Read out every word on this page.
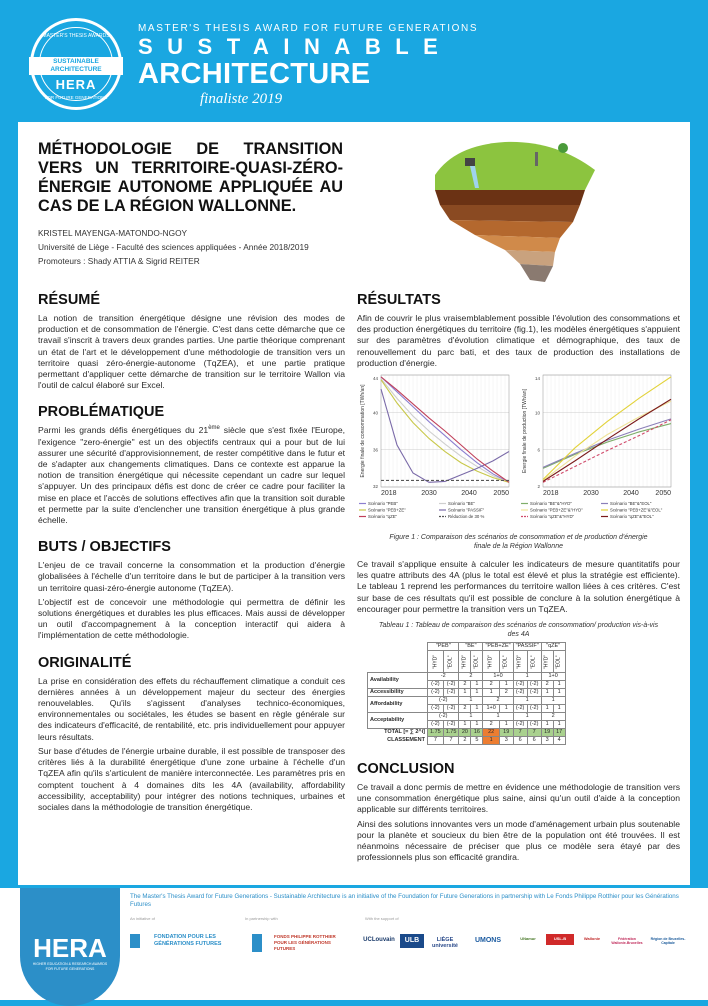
MASTER'S THESIS AWARDS
SUSTAINABLE
ARCHITECTURE
HERA
FOR FUTURE GENERATIONS
MASTER'S THESIS AWARD FOR FUTURE GENERATIONS
SUSTAINABLE
ARCHITECTURE
finaliste 2019
MÉTHODOLOGIE DE TRANSITION VERS UN TERRITOIRE-QUASI-ZÉRO-ÉNERGIE AUTONOME APPLIQUÉE AU CAS DE LA RÉGION WALLONNE.
KRISTEL MAYENGA-MATONDO-NGOY
Université de Liège - Faculté des sciences appliquées - Année 2018/2019
Promoteurs : Shady ATTIA & Sigrid REITER
RÉSUMÉ

La notion de transition énergétique désigne une révision des modes de production et de consommation de l'énergie. C'est dans cette démarche que ce travail s'inscrit à travers deux grandes parties. Une partie théorique comprenant un état de l'art et le développement d'une méthodologie de transition vers un territoire quasi zéro-énergie-autonome (TqZEA), et une partie pratique permettant d'appliquer cette démarche de transition sur le territoire Wallon via l'outil de calcul élaboré sur Excel.

PROBLÉMATIQUE

Parmi les grands défis énergétiques du 21ème siècle que s'est fixée l'Europe, l'exigence "zero-énergie" est un des objectifs centraux qui a pour but de lui assurer une sécurité d'approvisionnement, de rester compétitive dans le futur et de s'adapter aux changements climatiques. Dans ce contexte est apparue la notion de transition énergétique qui nécessite cependant un cadre sur lequel s'appuyer. Un des principaux défis est donc de créer ce cadre pour faciliter la mise en place et l'accès de solutions effectives afin que la transition soit durable et permette par la suite d'enclencher une transition énergétique à plus grande échelle.

BUTS / OBJECTIFS

L'enjeu de ce travail concerne la consommation et la production d'énergie globalisées à l'échelle d'un territoire dans le but de participer à la transition vers un territoire quasi-zéro-énergie autonome (TqZEA).

L'objectif est de concevoir une méthodologie qui permettra de définir les solutions énergétiques et durables les plus efficaces. Mais aussi de développer un outil d'accompagnement à la conception interactif qui aidera à l'implémentation de cette méthodologie.

ORIGINALITÉ

La prise en considération des effets du réchauffement climatique a conduit ces dernières années à un développement majeur du secteur des énergies renouvelables. Qu'ils s'agissent d'analyses technico-économiques, environnementales ou sociétales, les études se basent en règle générale sur des indicateurs d'efficacité, de rentabilité, etc. pris individuellement pour appuyer leurs résultats.

Sur base d'études de l'énergie urbaine durable, il est possible de transposer des critères liés à la durabilité énergétique d'une zone urbaine à l'échelle d'un TqZEA afin qu'ils s'articulent de manière interconnectée. Les paramètres pris en comptent touchent à 4 domaines dits les 4A (availability, affordability accessibility, acceptability) pour intégrer des notions techniques, urbaines et sociales dans la méthodologie de transition énergétique.

RÉSULTATS

Afin de couvrir le plus vraisemblablement possible l'évolution des consommations et des production énergétiques du territoire (fig.1), les modèles énergétiques s'appuient sur des paramètres d'évolution climatique et démographique, des taux de renouvellement du parc bati, et des taux de production des installations de production d'énergie.

32
36
40
44
2018	2030	2040 2050
Energie finale de consommation [TWh/an]
Scénario "PEB"	Scénario "BE"
Scénario "PEB+ZE"	Scénario "PASSIF"
Scénario "qZE"	Réduction de 30 %
2
6
10
14
2018	2030	2040 2050
Energie finale de production [TWh/an]
Scénario "BE"&"HYD"	Scénario "BE"&"EOL"
Scénario "PEB+ZE"&"HYD"	Scénario "PEB+ZE"&"EOL"
Scénario "qZE"&"HYD"	Scénario "qZE"&"EOL"
Figure 1 : Comparaison des scénarios de consommation et de production d'énergie finale de la Région Wallonne

Ce travail s'applique ensuite à calculer les indicateurs de mesure quantitatifs pour les quatre attributs des 4A (plus le total est élevé et plus la stratégie est efficiente). Le tableau 1 reprend les performances du territoire wallon liées à ces critères. C'est sur base de ces résultats qu'il est possible de conclure à la solution énergétique à encourager pour permettre la transition vers un TqZEA.

Tableau 1 : Tableau de comparaison des scénarios de consommation/ production vis-à-vis des 4A
	"PEB"		"BE"		"PEB+ZE"		"PASSIF"		"qZE"	
	"HYD"	"EOL"	"HYD"	"EOL"	"HYD"	"EOL"	"HYD"	"EOL"	"HYD"	"EOL"
Availability	-2		2		1+0		1		1+0	
	(-2)	(-2)	2	1	2	1	(-2)	(-2)	2	1
Accessibility	(-2)	(-2)	1	1	1	2	(-2)	(-2)	1	1
Affordability	(-2)		1		2		1		1	
	(-2)	(-2)	2	1	1+0	1	(-2)	(-2)	1	1
Acceptability	(-2)		1		1		1		2	
	(-2)	(-2)	1	1	2	1	(-2)	(-2)	1	1
TOTAL [= ∑ 2^i]	1.75	1.75	20	16	22	19	7	7	19	17
CLASSEMENT	7	7	2	5	1	3	6	6	3	4
CONCLUSION

Ce travail a donc permis de mettre en évidence une méthodologie de transition vers une consommation énergétique plus saine, ainsi qu'un outil d'aide à la conception applicable sur différents territoires.

Ainsi des solutions innovantes vers un mode d'aménagement urbain plus soutenable pour la planète et soucieux du bien être de la population ont été trouvées. Il est néanmoins nécessaire de préciser que plus ce modèle sera étayé par des professionnels plus son efficacité grandira.

HERA
HIGHER EDUCATION & RESEARCH AWARDS FOR FUTURE GENERATIONS
The Master's Thesis Award for Future Generations - Sustainable Architecture is an initiative of the Foundation for Future Generations in partnership with Le Fonds Philippe Rotthier pour les Générations Futures
An initiative of	In partnership with	With the support of
FONDATION POUR LES GÉNÉRATIONS FUTURES
FONDS PHILIPPE ROTTHIER POUR LES GÉNÉRATIONS FUTURES
UCLouvain	ULB	LIÈGE université
UMONS	UNamur	USL-B	Wallonie	Fédération Wallonie-Bruxelles
Région de Bruxelles-Capitale
